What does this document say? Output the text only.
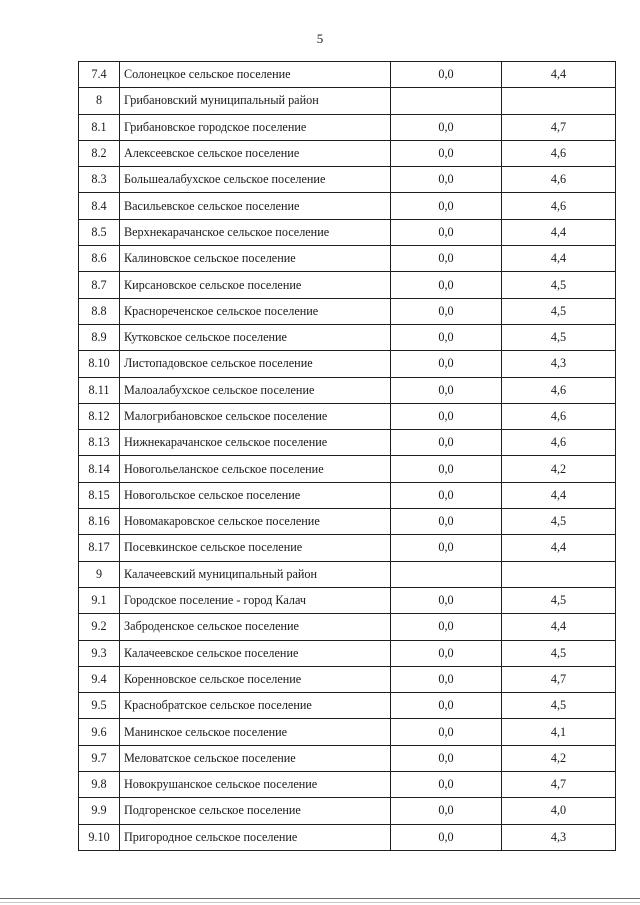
5
7.4	Солонецкое сельское поселение	0,0	4,4
8	Грибановский муниципальный район		
8.1	Грибановское городское поселение	0,0	4,7
8.2	Алексеевское сельское поселение	0,0	4,6
8.3	Большеалабухское сельское поселение	0,0	4,6
8.4	Васильевское сельское поселение	0,0	4,6
8.5	Верхнекарачанское сельское поселение	0,0	4,4
8.6	Калиновское сельское поселение	0,0	4,4
8.7	Кирсановское сельское поселение	0,0	4,5
8.8	Краснореченское сельское поселение	0,0	4,5
8.9	Кутковское сельское поселение	0,0	4,5
8.10	Листопадовское сельское поселение	0,0	4,3
8.11	Малоалабухское сельское поселение	0,0	4,6
8.12	Малогрибановское сельское поселение	0,0	4,6
8.13	Нижнекарачанское сельское поселение	0,0	4,6
8.14	Новогольеланское сельское поселение	0,0	4,2
8.15	Новогольское сельское поселение	0,0	4,4
8.16	Новомакаровское сельское поселение	0,0	4,5
8.17	Посевкинское сельское поселение	0,0	4,4
9	Калачеевский муниципальный район		
9.1	Городское поселение - город Калач	0,0	4,5
9.2	Заброденское сельское поселение	0,0	4,4
9.3	Калачеевское сельское поселение	0,0	4,5
9.4	Коренновское сельское поселение	0,0	4,7
9.5	Краснобратское сельское поселение	0,0	4,5
9.6	Манинское сельское поселение	0,0	4,1
9.7	Меловатское сельское поселение	0,0	4,2
9.8	Новокрушанское сельское поселение	0,0	4,7
9.9	Подгоренское сельское поселение	0,0	4,0
9.10	Пригородное сельское поселение	0,0	4,3
